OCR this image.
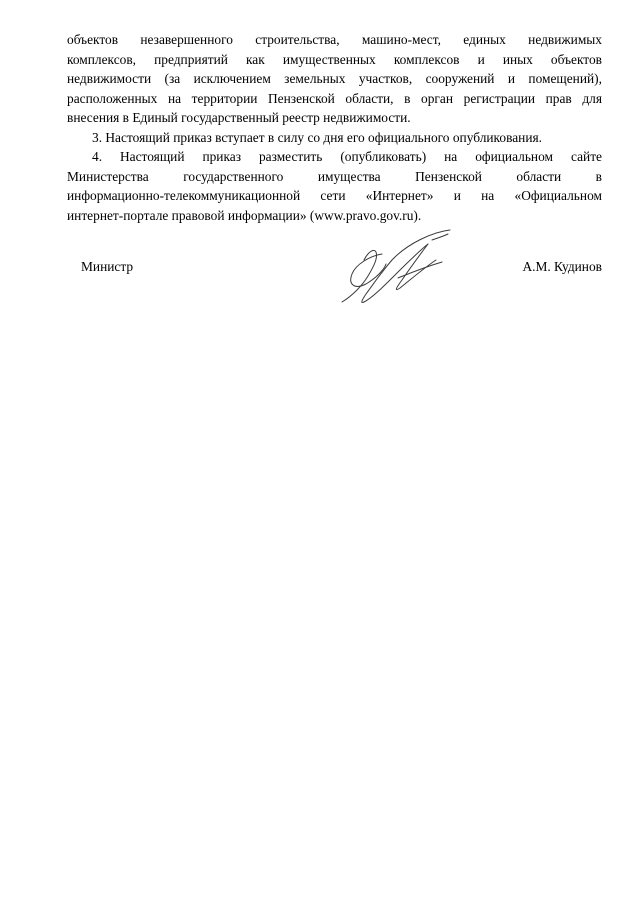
объектов незавершенного строительства, машино-мест, единых недвижимых
комплексов, предприятий как имущественных комплексов и иных объектов
недвижимости (за исключением земельных участков, сооружений и помещений),
расположенных на территории Пензенской области, в орган регистрации прав для
внесения в Единый государственный реестр недвижимости.
3. Настоящий приказ вступает в силу со дня его официального опубликования.
4. Настоящий приказ разместить (опубликовать) на официальном сайте
Министерства государственного имущества Пензенской области в
информационно-телекоммуникационной сети «Интернет» и на «Официальном
интернет-портале правовой информации» (www.pravo.gov.ru).
Министр	А.М. Кудинов
